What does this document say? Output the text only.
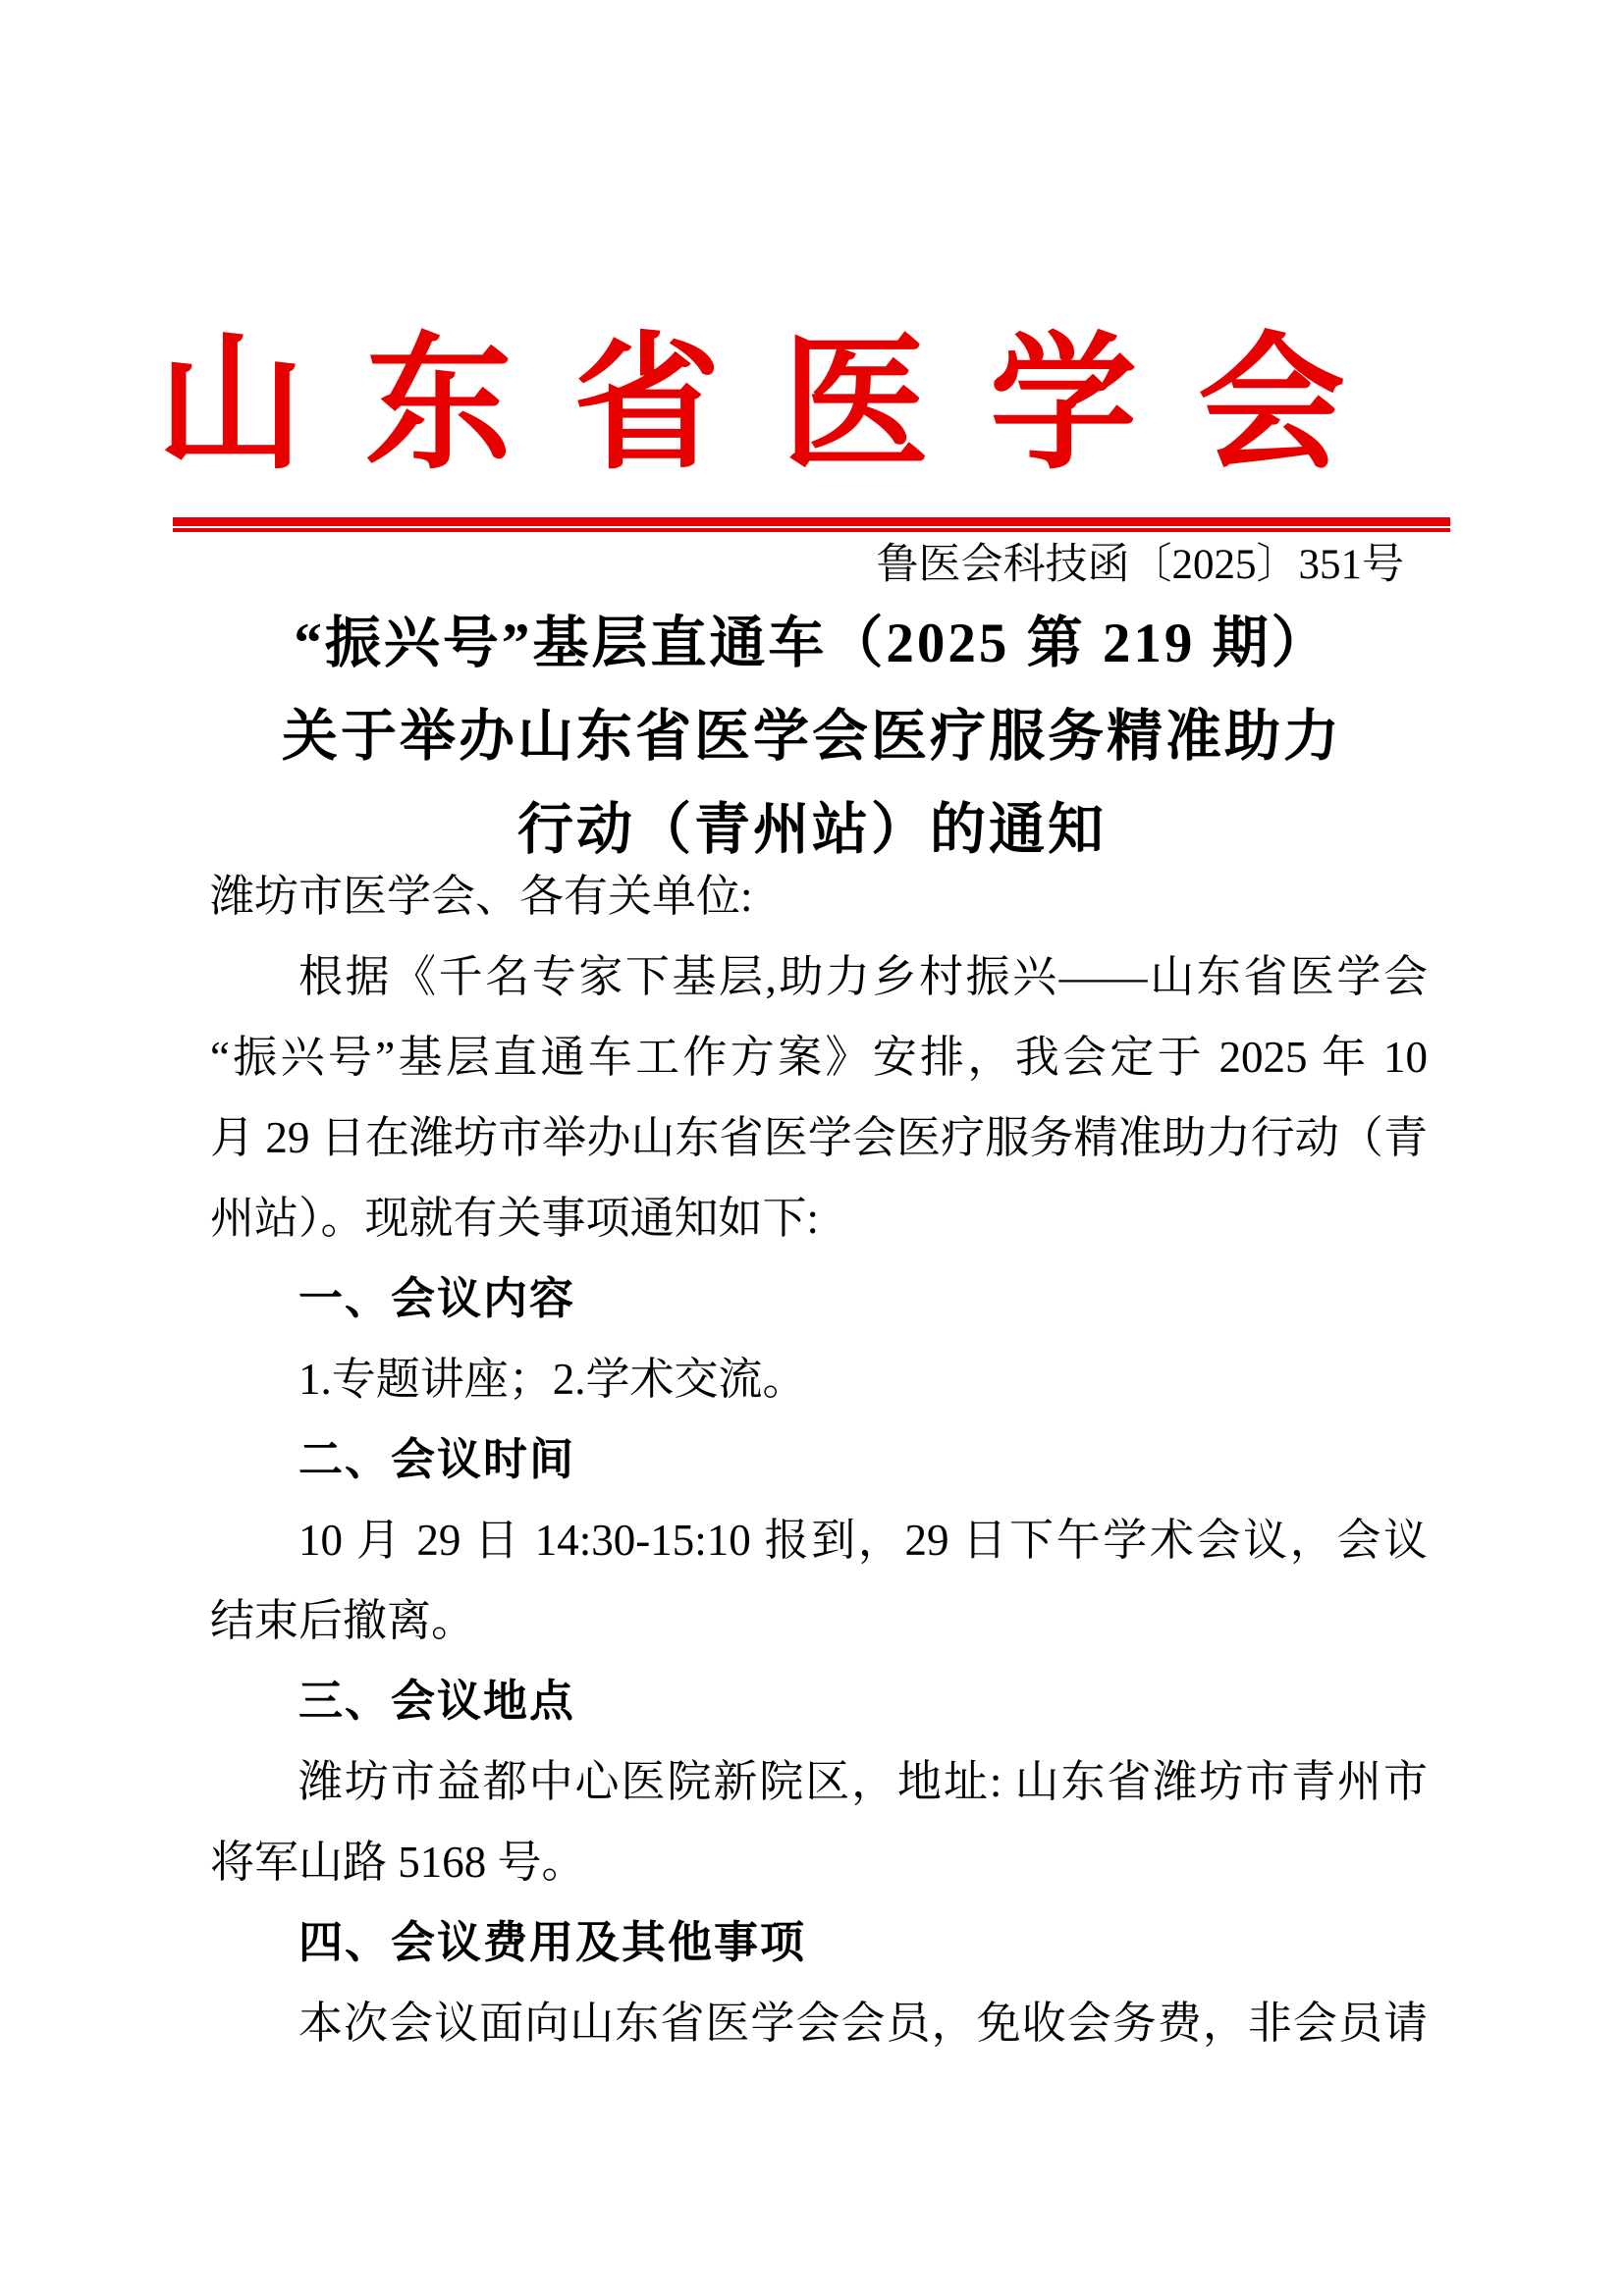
山东省医学会
鲁医会科技函〔2025〕351号
“振兴号”基层直通车（2025 第 219 期）
关于举办山东省医学会医疗服务精准助力
行动（青州站）的通知
潍坊市医学会、各有关单位:
根据《千名专家下基层,助力乡村振兴——山东省医学会
“振兴号”基层直通车工作方案》安排，我会定于 2025 年 10
月 29 日在潍坊市举办山东省医学会医疗服务精准助力行动（青
州站）。现就有关事项通知如下:
一、会议内容
1.专题讲座；2.学术交流。
二、会议时间
10 月 29 日 14:30-15:10 报到，29 日下午学术会议，会议
结束后撤离。
三、会议地点
潍坊市益都中心医院新院区，地址: 山东省潍坊市青州市
将军山路 5168 号。
四、会议费用及其他事项
本次会议面向山东省医学会会员，免收会务费，非会员请
